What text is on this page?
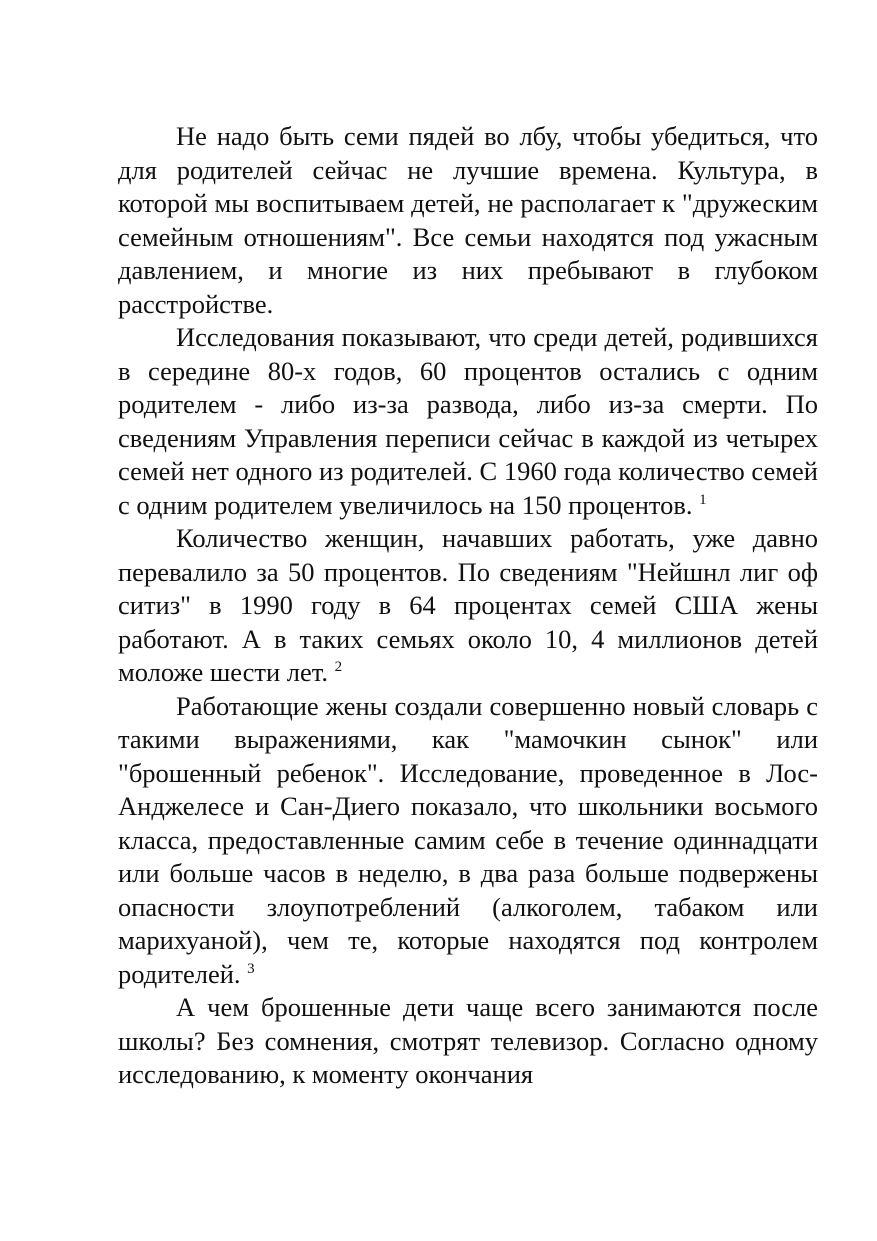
Не надо быть семи пядей во лбу, чтобы убедиться, что для родителей сейчас не лучшие времена. Культура, в которой мы воспитываем детей, не располагает к "дружеским семейным отношениям". Все семьи находятся под ужасным давлением, и многие из них пребывают в глубоком расстройстве.

Исследования показывают, что среди детей, родившихся в середине 80-х годов, 60 процентов остались с одним родителем - либо из-за развода, либо из-за смерти. По сведениям Управления переписи сейчас в каждой из четырех семей нет одного из родителей. С 1960 года количество семей с одним родителем увеличилось на 150 процентов. $^1$

Количество женщин, начавших работать, уже давно перевалило за 50 процентов. По сведениям "Нейшнл лиг оф ситиз" в 1990 году в 64 процентах семей США жены работают. А в таких семьях около 10, 4 миллионов детей моложе шести лет. $^2$

Работающие жены создали совершенно новый словарь с такими выражениями, как "мамочкин сынок" или "брошенный ребенок". Исследование, проведенное в Лос-Анджелесе и Сан-Диего показало, что школьники восьмого класса, предоставленные самим себе в течение одиннадцати или больше часов в неделю, в два раза больше подвержены опасности злоупотреблений (алкоголем, табаком или марихуаной), чем те, которые находятся под контролем родителей. $^3$

А чем брошенные дети чаще всего занимаются после школы? Без сомнения, смотрят телевизор. Согласно одному исследованию, к моменту окончания
